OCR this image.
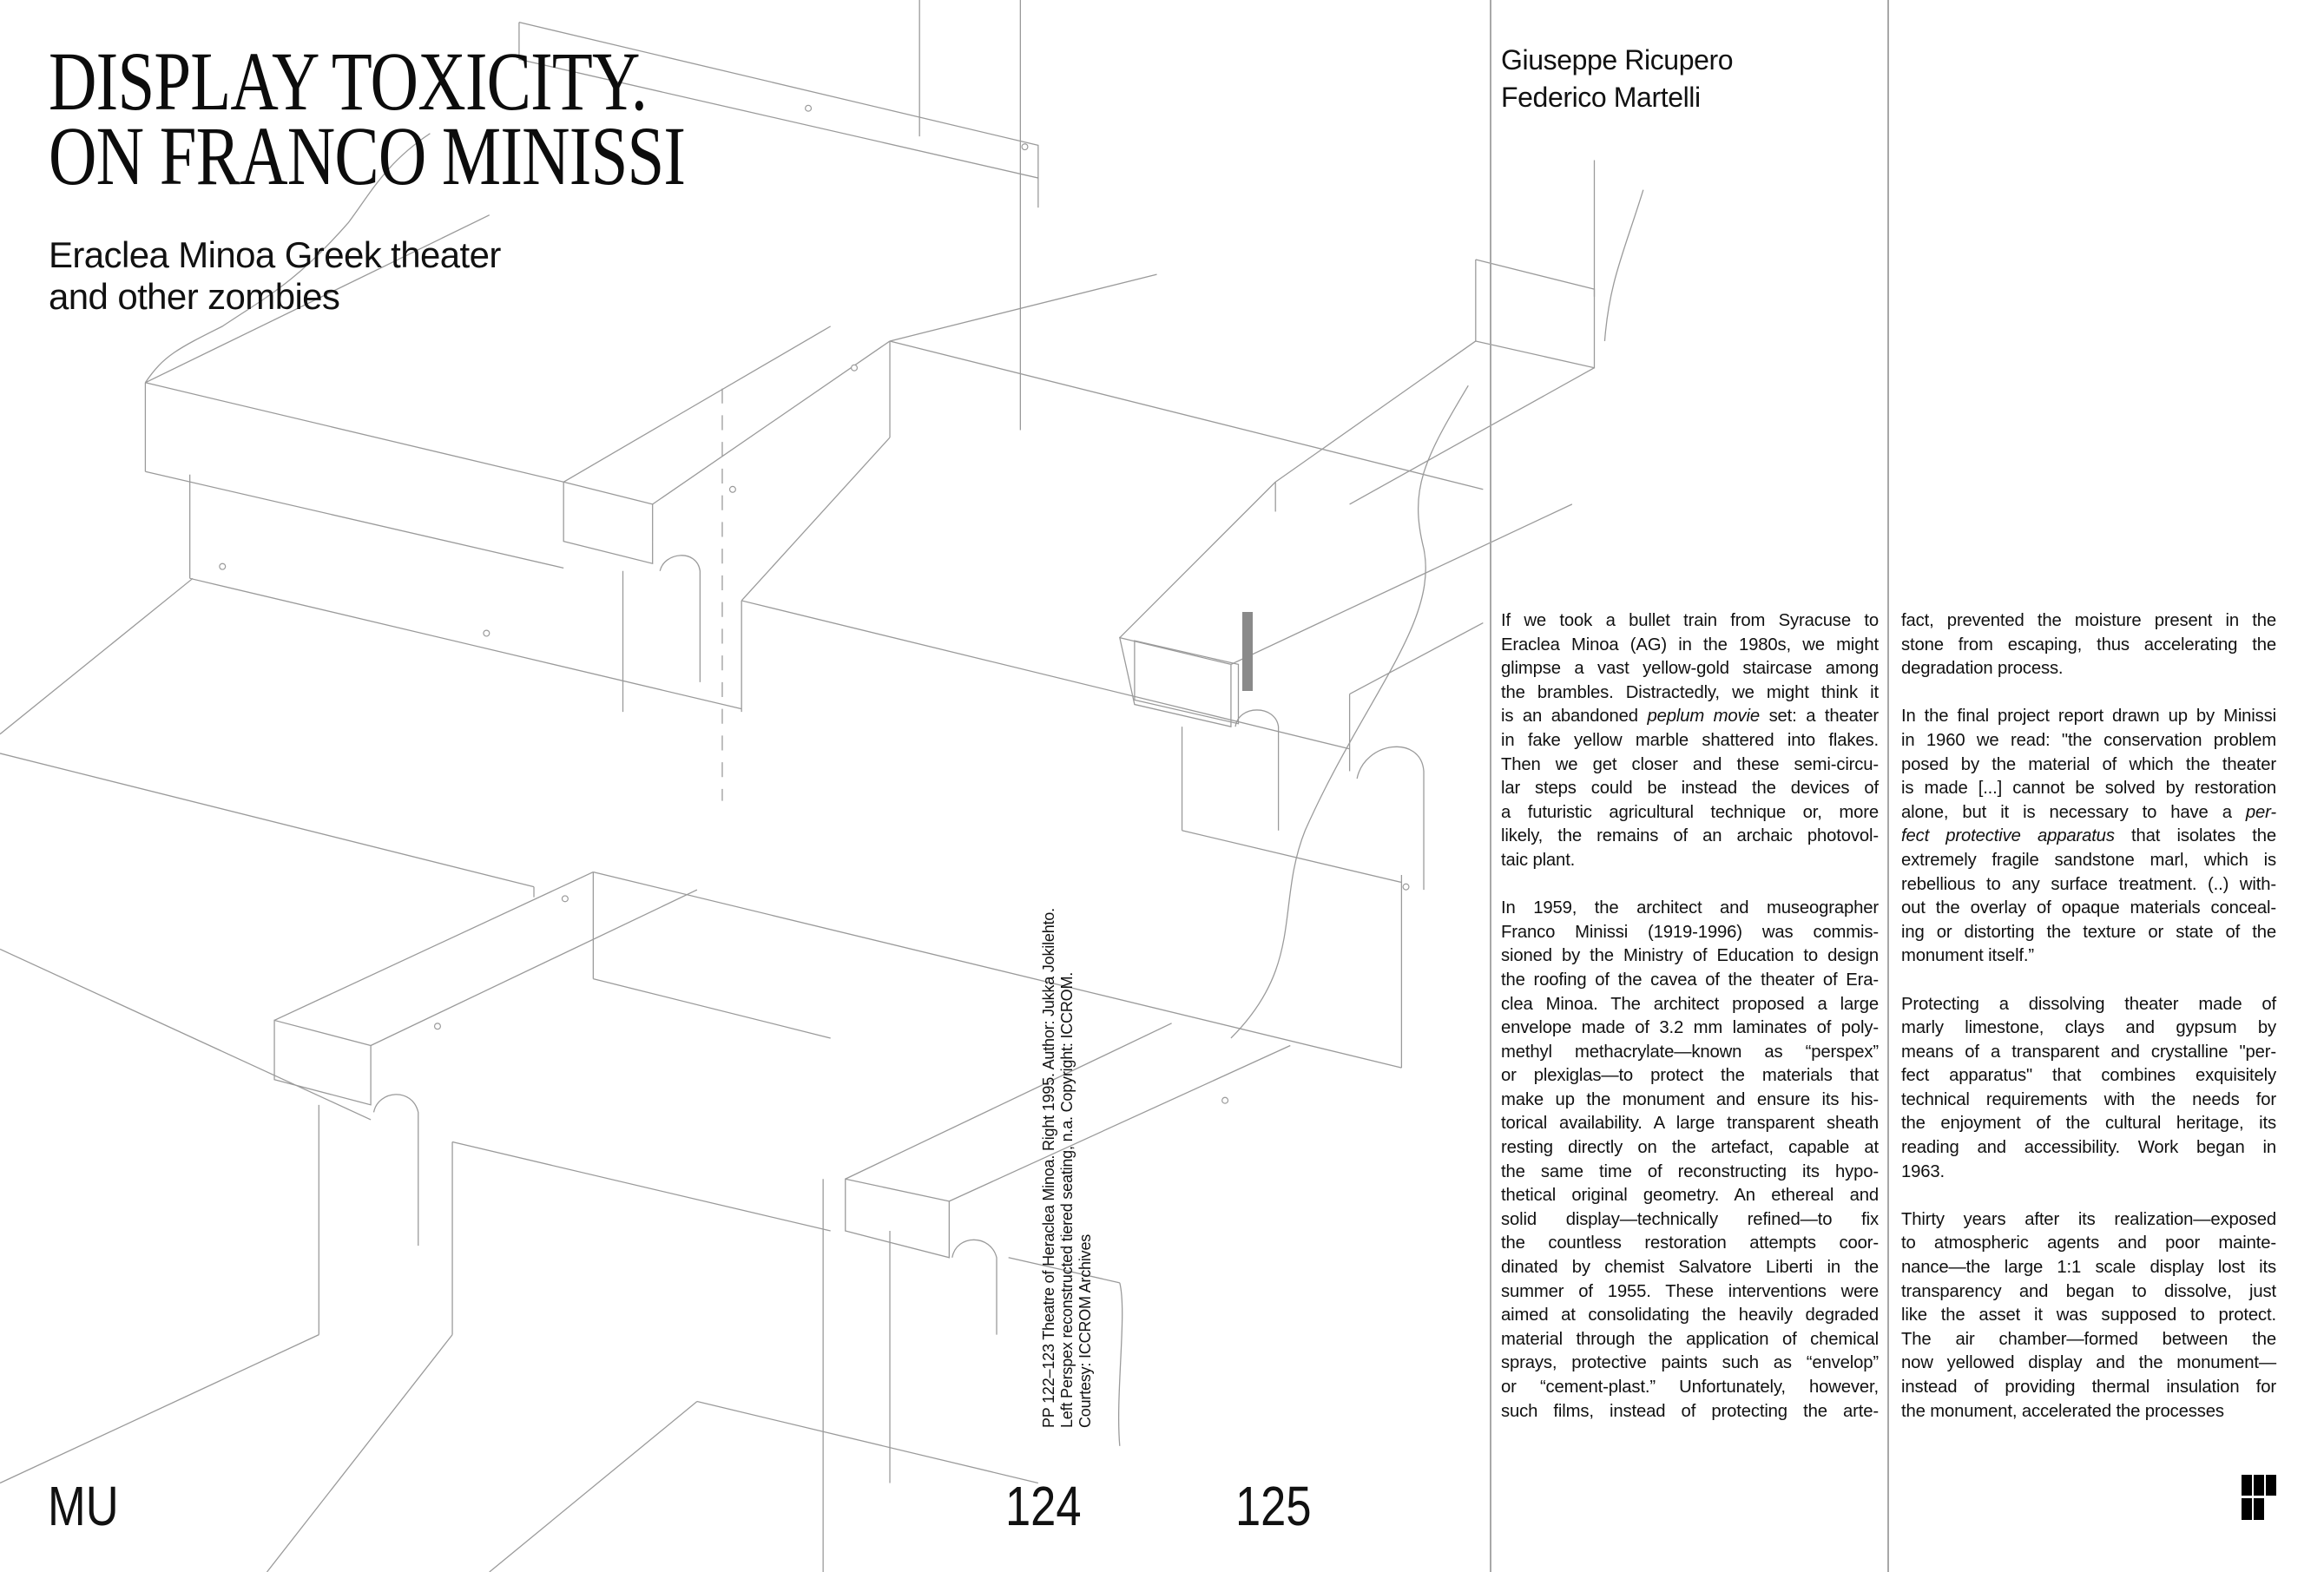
DISPLAY TOXICITY.
ON FRANCO MINISSI
Eraclea Minoa Greek theater
and other zombies
Giuseppe Ricupero
Federico Martelli
PP 122–123 Theatre of Heraclea Minoa. Right 1995. Author: Jukka Jokilehto. Left Perspex reconstructed tiered seating, n.a. Copyright: ICCROM. Courtesy: ICCROM Archives
If we took a bullet train from Syracuse to
Eraclea Minoa (AG) in the 1980s, we might
glimpse a vast yellow-gold staircase among
the brambles. Distractedly, we might think it
is an abandoned peplum movie set: a theater
in fake yellow marble shattered into flakes.
Then we get closer and these semi-circu-
lar steps could be instead the devices of
a futuristic agricultural technique or, more
likely, the remains of an archaic photovol-
taic plant.
In 1959, the architect and museographer
Franco Minissi (1919-1996) was commis-
sioned by the Ministry of Education to design
the roofing of the cavea of the theater of Era-
clea Minoa. The architect proposed a large
envelope made of 3.2 mm laminates of poly-
methyl methacrylate—known as “perspex”
or plexiglas—to protect the materials that
make up the monument and ensure its his-
torical availability. A large transparent sheath
resting directly on the artefact, capable at
the same time of reconstructing its hypo-
thetical original geometry. An ethereal and
solid display—technically refined—to fix
the countless restoration attempts coor-
dinated by chemist Salvatore Liberti in the
summer of 1955. These interventions were
aimed at consolidating the heavily degraded
material through the application of chemical
sprays, protective paints such as “envelop”
or “cement-plast.” Unfortunately, however,
such films, instead of protecting the arte-
fact, prevented the moisture present in the
stone from escaping, thus accelerating the
degradation process.
In the final project report drawn up by Minissi
in 1960 we read: "the conservation problem
posed by the material of which the theater
is made [...] cannot be solved by restoration
alone, but it is necessary to have a per-
fect protective apparatus that isolates the
extremely fragile sandstone marl, which is
rebellious to any surface treatment. (..) with-
out the overlay of opaque materials conceal-
ing or distorting the texture or state of the
monument itself.”
Protecting a dissolving theater made of
marly limestone, clays and gypsum by
means of a transparent and crystalline "per-
fect apparatus" that combines exquisitely
technical requirements with the needs for
the enjoyment of the cultural heritage, its
reading and accessibility. Work began in
1963.
Thirty years after its realization—exposed
to atmospheric agents and poor mainte-
nance—the large 1:1 scale display lost its
transparency and began to dissolve, just
like the asset it was supposed to protect.
The air chamber—formed between the
now yellowed display and the monument—
instead of providing thermal insulation for
the monument, accelerated the processes
MU	124	125
